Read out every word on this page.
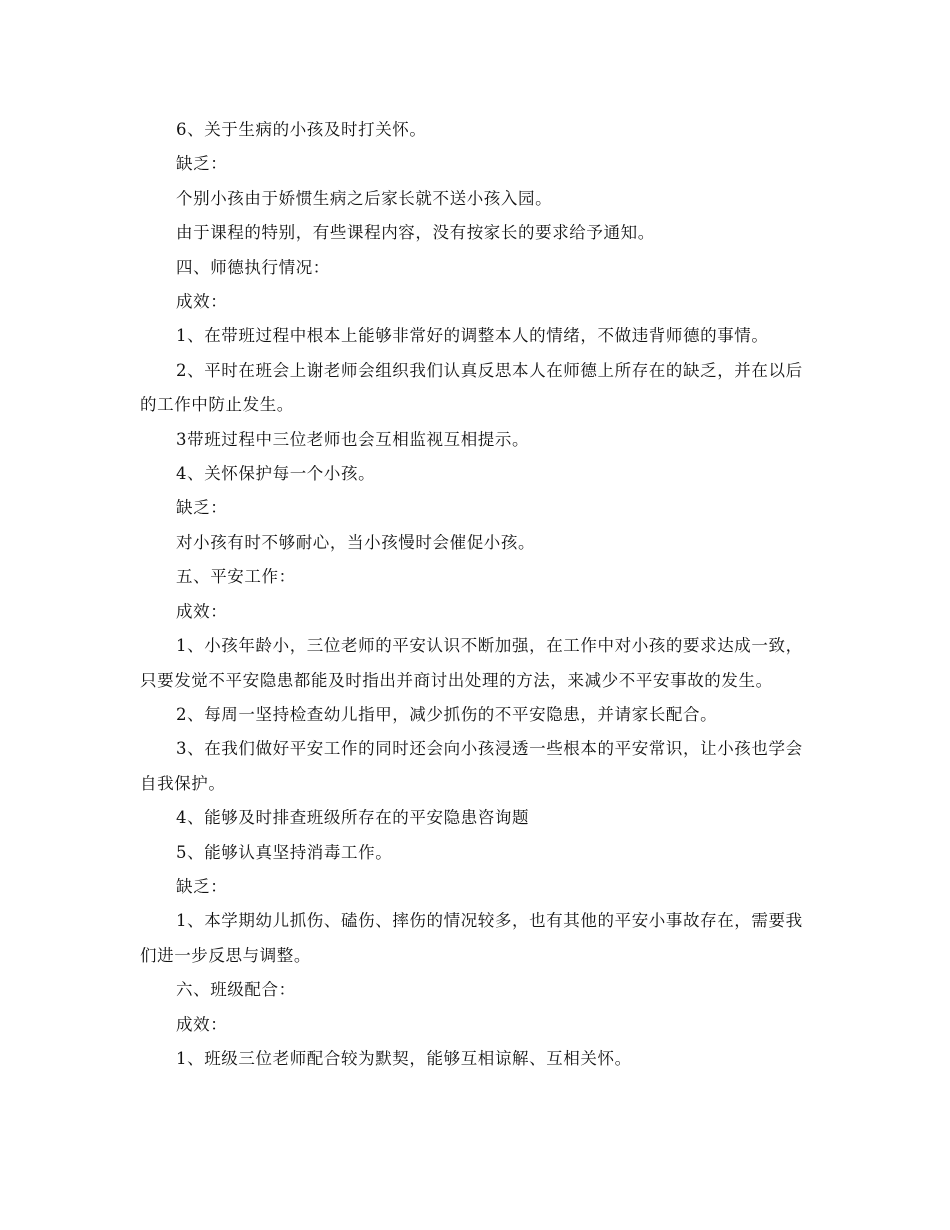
6、关于生病的小孩及时打关怀。

缺乏：

个别小孩由于娇惯生病之后家长就不送小孩入园。

由于课程的特别，有些课程内容，没有按家长的要求给予通知。

四、师德执行情况：

成效：

1、在带班过程中根本上能够非常好的调整本人的情绪，不做违背师德的事情。

2、平时在班会上谢老师会组织我们认真反思本人在师德上所存在的缺乏，并在以后的工作中防止发生。

3带班过程中三位老师也会互相监视互相提示。

4、关怀保护每一个小孩。

缺乏：

对小孩有时不够耐心，当小孩慢时会催促小孩。

五、平安工作：

成效：

1、小孩年龄小，三位老师的平安认识不断加强，在工作中对小孩的要求达成一致，只要发觉不平安隐患都能及时指出并商讨出处理的方法，来减少不平安事故的发生。

2、每周一坚持检查幼儿指甲，减少抓伤的不平安隐患，并请家长配合。

3、在我们做好平安工作的同时还会向小孩浸透一些根本的平安常识，让小孩也学会自我保护。

4、能够及时排查班级所存在的平安隐患咨询题

5、能够认真坚持消毒工作。

缺乏：

1、本学期幼儿抓伤、磕伤、摔伤的情况较多，也有其他的平安小事故存在，需要我们进一步反思与调整。

六、班级配合：

成效：

1、班级三位老师配合较为默契，能够互相谅解、互相关怀。
